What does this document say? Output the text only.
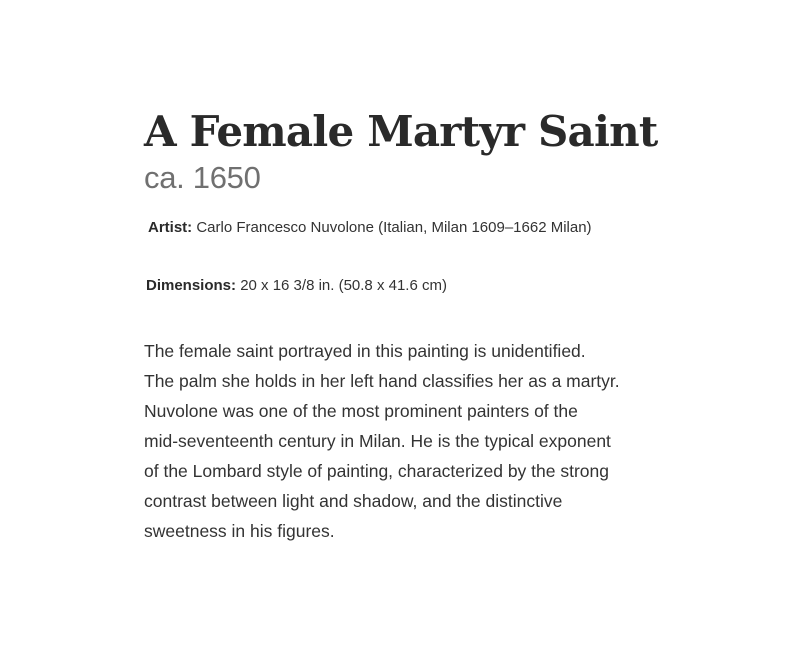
A Female Martyr Saint
ca. 1650

Artist: Carlo Francesco Nuvolone (Italian, Milan 1609–1662 Milan)

Dimensions: 20 x 16 3/8 in. (50.8 x 41.6 cm)

The female saint portrayed in this painting is unidentified.
The palm she holds in her left hand classifies her as a martyr.
Nuvolone was one of the most prominent painters of the
mid-seventeenth century in Milan. He is the typical exponent
of the Lombard style of painting, characterized by the strong
contrast between light and shadow, and the distinctive
sweetness in his figures.
